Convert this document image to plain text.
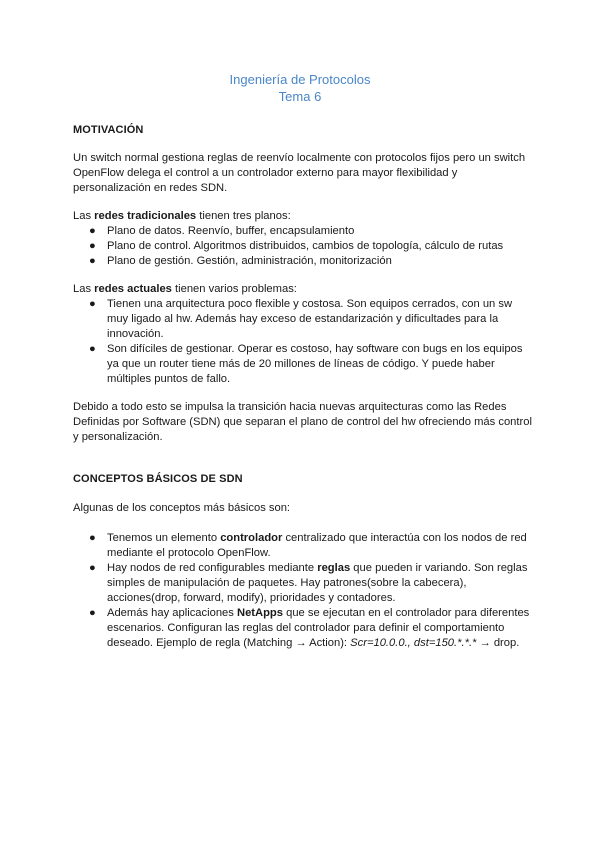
Ingeniería de Protocolos
Tema 6
MOTIVACIÓN

Un switch normal gestiona reglas de reenvío localmente con protocolos fijos pero un switch OpenFlow delega el control a un controlador externo para mayor flexibilidad y personalización en redes SDN.

Las redes tradicionales tienen tres planos:

● Plano de datos. Reenvío, buffer, encapsulamiento
● Plano de control. Algoritmos distribuidos, cambios de topología, cálculo de rutas
● Plano de gestión. Gestión, administración, monitorización

Las redes actuales tienen varios problemas:

● Tienen una arquitectura poco flexible y costosa. Son equipos cerrados, con un sw muy ligado al hw. Además hay exceso de estandarización y dificultades para la innovación.
● Son difíciles de gestionar. Operar es costoso, hay software con bugs en los equipos ya que un router tiene más de 20 millones de líneas de código. Y puede haber múltiples puntos de fallo.

Debido a todo esto se impulsa la transición hacia nuevas arquitecturas como las Redes Definidas por Software (SDN) que separan el plano de control del hw ofreciendo más control y personalización.

CONCEPTOS BÁSICOS DE SDN

Algunas de los conceptos más básicos son:

● Tenemos un elemento controlador centralizado que interactúa con los nodos de red mediante el protocolo OpenFlow.
● Hay nodos de red configurables mediante reglas que pueden ir variando. Son reglas simples de manipulación de paquetes. Hay patrones(sobre la cabecera), acciones(drop, forward, modify), prioridades y contadores.
● Además hay aplicaciones NetApps que se ejecutan en el controlador para diferentes escenarios. Configuran las reglas del controlador para definir el comportamiento deseado. Ejemplo de regla (Matching → Action): Scr=10.0.0., dst=150.*.*.* → drop.
